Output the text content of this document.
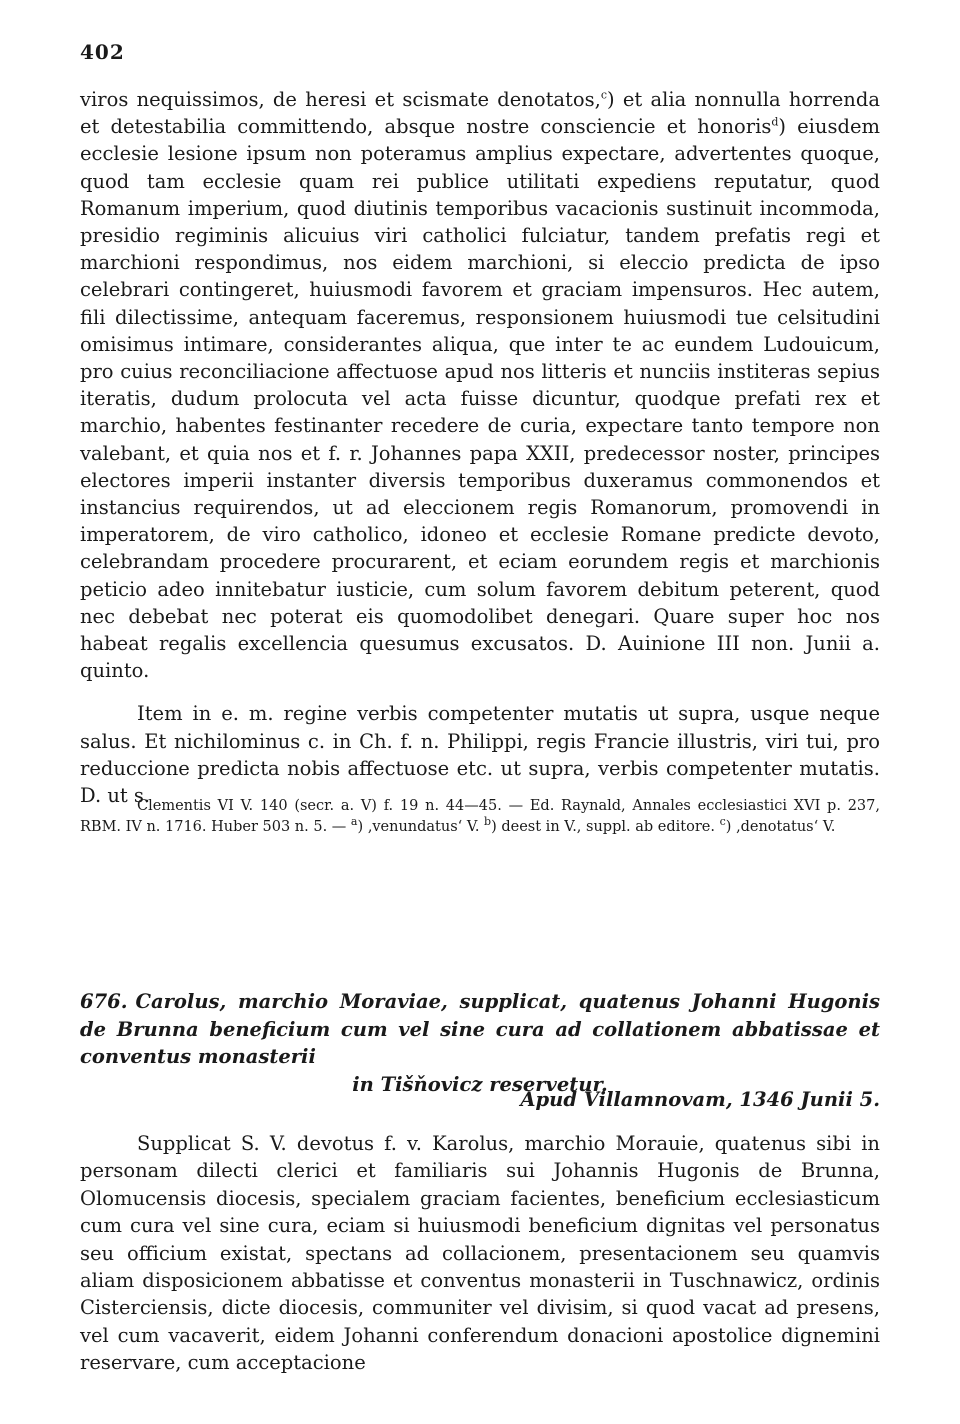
402

viros nequissimos, de heresi et scismate denotatos,$^c$) et alia nonnulla horrenda et detestabilia committendo, absque nostre consciencie et honoris$^d$) eiusdem ecclesie lesione ipsum non poteramus amplius expectare, advertentes quoque, quod tam ecclesie quam rei publice utilitati expediens reputatur, quod Romanum imperium, quod diutinis temporibus vacacionis sustinuit incommoda, presidio regiminis alicuius viri catholici fulciatur, tandem prefatis regi et marchioni respondimus, nos eidem marchioni, si eleccio predicta de ipso celebrari contingeret, huiusmodi favorem et graciam impensuros. Hec autem, fili dilectissime, antequam faceremus, responsionem huiusmodi tue celsitudini omisimus intimare, considerantes aliqua, que inter te ac eundem Ludouicum, pro cuius reconciliacione affectuose apud nos litteris et nunciis institeras sepius iteratis, dudum prolocuta vel acta fuisse dicuntur, quodque prefati rex et marchio, habentes festinanter recedere de curia, expectare tanto tempore non valebant, et quia nos et f. r. Johannes papa XXII, predecessor noster, principes electores imperii instanter diversis temporibus duxeramus commonendos et instancius requirendos, ut ad eleccionem regis Romanorum, promovendi in imperatorem, de viro catholico, idoneo et ecclesie Romane predicte devoto, celebrandam procedere procurarent, et eciam eorundem regis et marchionis peticio adeo innitebatur iusticie, cum solum favorem debitum peterent, quod nec debebat nec poterat eis quomodolibet denegari. Quare super hoc nos habeat regalis excellencia quesumus excusatos. D. Auinione III non. Junii a. quinto.

Item in e. m. regine verbis competenter mutatis ut supra, usque neque salus. Et nichilominus c. in Ch. f. n. Philippi, regis Francie illustris, viri tui, pro reduccione predicta nobis affectuose etc. ut supra, verbis competenter mutatis. D. ut s.

Clementis VI V. 140 (secr. a. V) f. 19 n. 44—45. — Ed. Raynald, Annales ecclesiastici XVI p. 237, RBM. IV n. 1716. Huber 503 n. 5. — $^a$) ‚venundatus‘ V. $^b$) deest in V., suppl. ab editore. $^c$) ‚denotatus‘ V.

676. Carolus, marchio Moraviae, supplicat, quatenus Johanni Hugonis de Brunna beneficium cum vel sine cura ad collationem abbatissae et conventus monasterii
in Tišňovicz reservetur.
Apud Villamnovam, 1346 Junii 5.

Supplicat S. V. devotus f. v. Karolus, marchio Morauie, quatenus sibi in personam dilecti clerici et familiaris sui Johannis Hugonis de Brunna, Olomucensis diocesis, specialem graciam facientes, beneficium ecclesiasticum cum cura vel sine cura, eciam si huiusmodi beneficium dignitas vel personatus seu officium existat, spectans ad collacionem, presentacionem seu quamvis aliam disposicionem abbatisse et conventus monasterii in Tuschnawicz, ordinis Cisterciensis, dicte diocesis, communiter vel divisim, si quod vacat ad presens, vel cum vacaverit, eidem Johanni conferendum donacioni apostolice dignemini reservare, cum acceptacione
